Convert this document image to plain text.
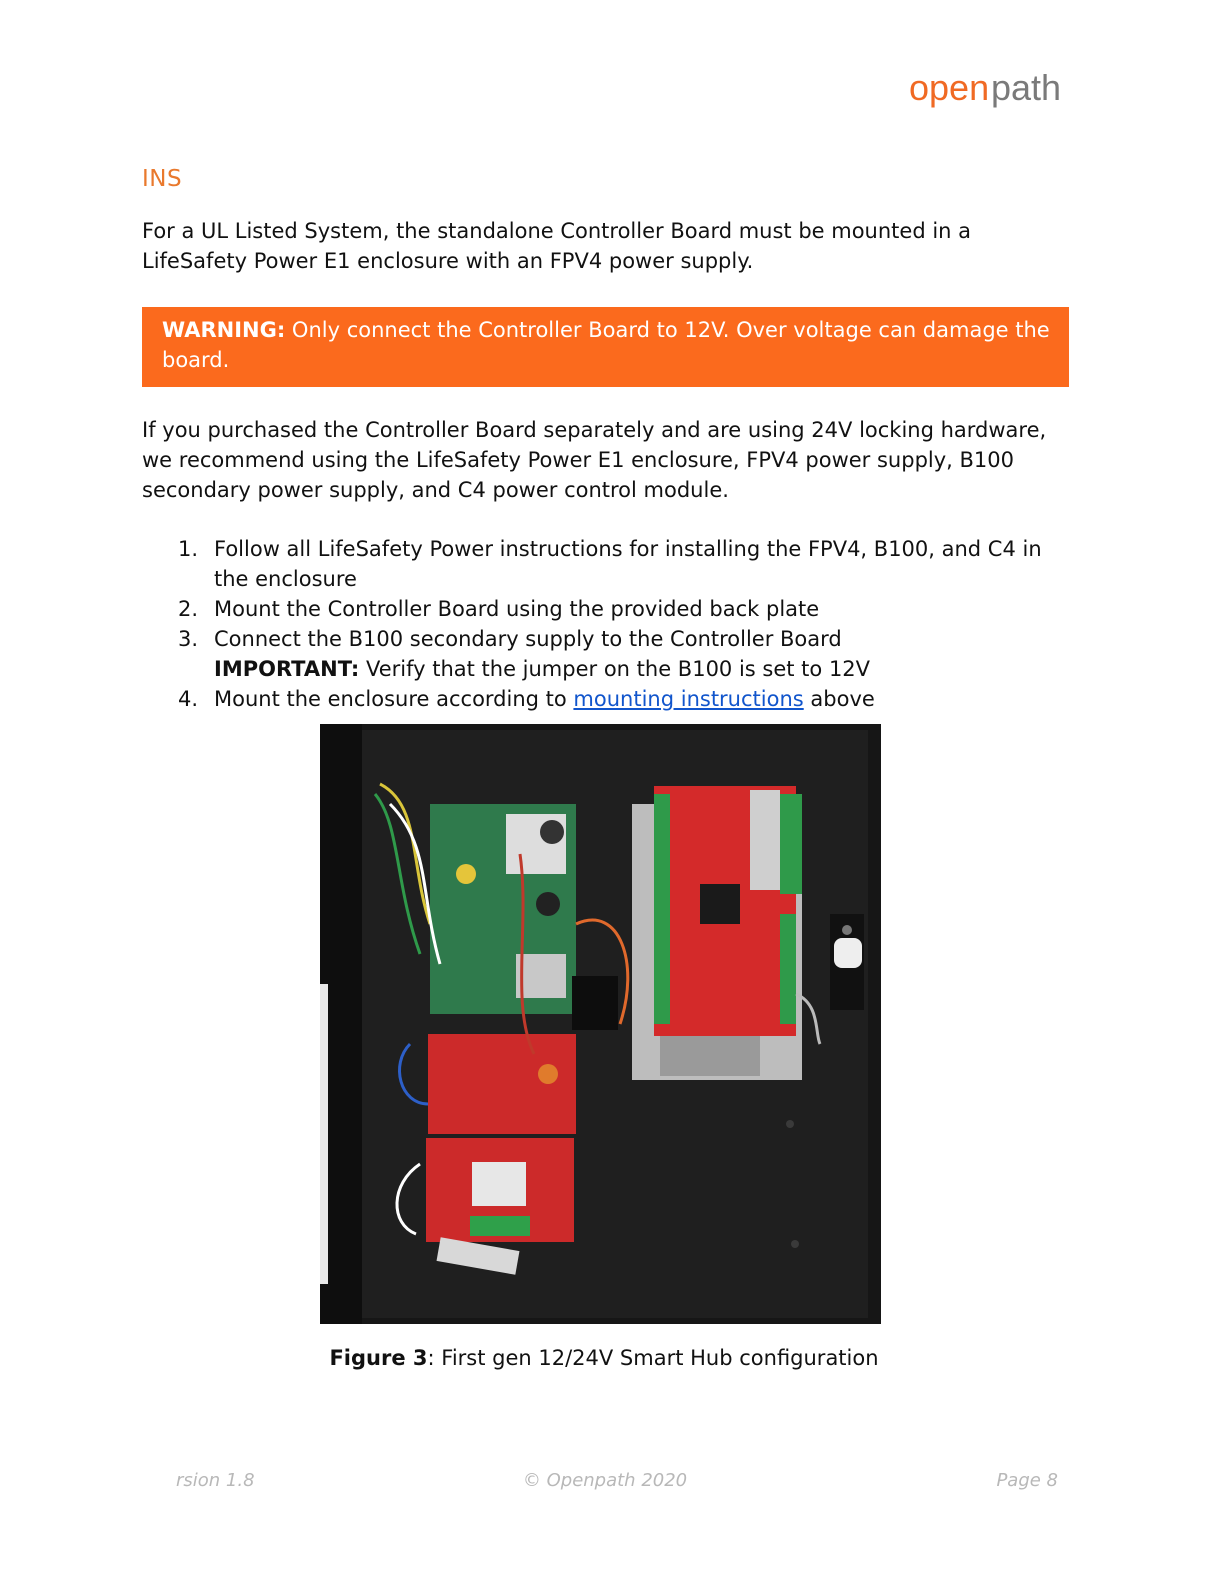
open path
INS

For a UL Listed System, the standalone Controller Board must be mounted in a LifeSafety Power E1 enclosure with an FPV4 power supply.

WARNING: Only connect the Controller Board to 12V. Over voltage can damage the board.

If you purchased the Controller Board separately and are using 24V locking hardware, we recommend using the LifeSafety Power E1 enclosure, FPV4 power supply, B100 secondary power supply, and C4 power control module.

1. Follow all LifeSafety Power instructions for installing the FPV4, B100, and C4 in the enclosure
2. Mount the Controller Board using the provided back plate
3. Connect the B100 secondary supply to the Controller Board
IMPORTANT: Verify that the jumper on the B100 is set to 12V
4. Mount the enclosure according to mounting instructions above
Figure 3: First gen 12/24V Smart Hub configuration
rsion 1.8	© Openpath 2020	Page 8
